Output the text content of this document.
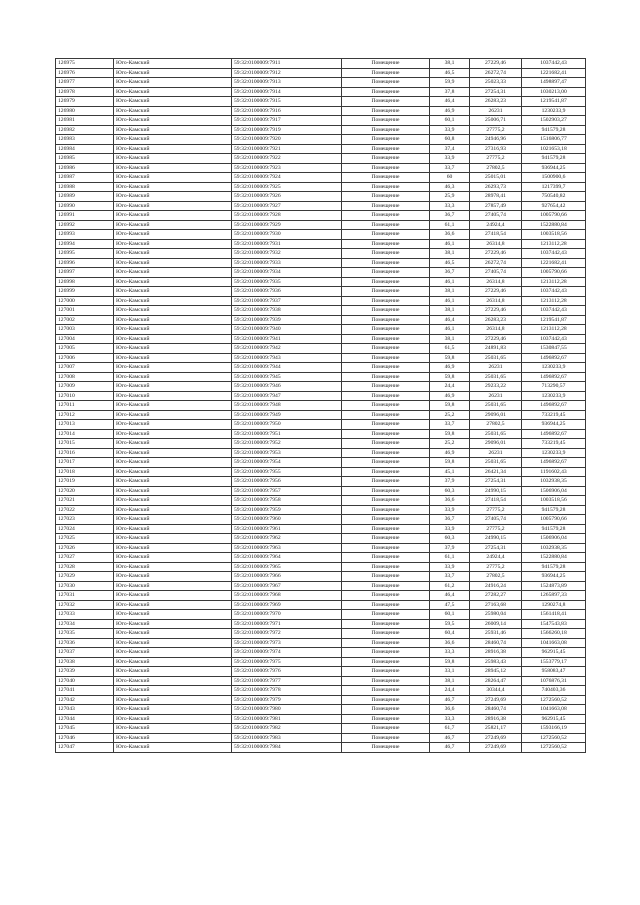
126975	Юго-Камский	59:32:0100009:7911	Помещение	38,1	27229,46	1037442,43
126976	Юго-Камский	59:32:0100009:7912	Помещение	46,5	26272,74	1221682,41
126977	Юго-Камский	59:32:0100009:7913	Помещение	59,9	25023,33	1498897,47
126978	Юго-Камский	59:32:0100009:7914	Помещение	37,8	27254,31	1030213,00
126979	Юго-Камский	59:32:0100009:7915	Помещение	46,4	26283,23	1219541,87
126980	Юго-Камский	59:32:0100009:7916	Помещение	46,9	26231	1230233,9
126981	Юго-Камский	59:32:0100009:7917	Помещение	60,1	25006,71	1502903,27
126982	Юго-Камский	59:32:0100009:7919	Помещение	33,9	27775,2	941579,28
126983	Юго-Камский	59:32:0100009:7920	Помещение	60,8	24946,96	1516806,77
126984	Юго-Камский	59:32:0100009:7921	Помещение	37,4	27316,93	1021653,18
126985	Юго-Камский	59:32:0100009:7922	Помещение	33,9	27775,2	941579,28
126986	Юго-Камский	59:32:0100009:7923	Помещение	33,7	27802,5	936944,25
126987	Юго-Камский	59:32:0100009:7924	Помещение	60	25015,01	1500900,6
126988	Юго-Камский	59:32:0100009:7925	Помещение	46,3	26293,73	1217399,7
126989	Юго-Камский	59:32:0100009:7926	Помещение	25,9	28978,41	750540,82
126990	Юго-Камский	59:32:0100009:7927	Помещение	33,3	27857,49	927654,42
126991	Юго-Камский	59:32:0100009:7928	Помещение	36,7	27405,74	1005790,66
126992	Юго-Камский	59:32:0100009:7929	Помещение	61,1	24924,4	1522880,84
126993	Юго-Камский	59:32:0100009:7930	Помещение	36,6	27418,54	1003518,56
126994	Юго-Камский	59:32:0100009:7931	Помещение	46,1	26314,8	1213112,28
126995	Юго-Камский	59:32:0100009:7932	Помещение	38,1	27229,46	1037442,43
126996	Юго-Камский	59:32:0100009:7933	Помещение	46,5	26272,74	1221682,41
126997	Юго-Камский	59:32:0100009:7934	Помещение	36,7	27405,74	1005790,66
126998	Юго-Камский	59:32:0100009:7935	Помещение	46,1	26314,8	1213112,28
126999	Юго-Камский	59:32:0100009:7936	Помещение	38,1	27229,46	1037442,43
127000	Юго-Камский	59:32:0100009:7937	Помещение	46,1	26314,8	1213112,28
127001	Юго-Камский	59:32:0100009:7938	Помещение	38,1	27229,46	1037442,43
127002	Юго-Камский	59:32:0100009:7939	Помещение	46,4	26283,23	1219541,87
127003	Юго-Камский	59:32:0100009:7940	Помещение	46,1	26314,8	1213112,28
127004	Юго-Камский	59:32:0100009:7941	Помещение	38,1	27229,46	1037442,43
127005	Юго-Камский	59:32:0100009:7942	Помещение	61,5	24891,83	1530847,55
127006	Юго-Камский	59:32:0100009:7943	Помещение	59,8	25031,65	1496892,67
127007	Юго-Камский	59:32:0100009:7944	Помещение	46,9	26231	1230233,9
127008	Юго-Камский	59:32:0100009:7945	Помещение	59,8	25031,65	1496892,67
127009	Юго-Камский	59:32:0100009:7946	Помещение	24,4	29233,22	713290,57
127010	Юго-Камский	59:32:0100009:7947	Помещение	46,9	26231	1230233,9
127011	Юго-Камский	59:32:0100009:7948	Помещение	59,8	25031,65	1496892,67
127012	Юго-Камский	59:32:0100009:7949	Помещение	25,2	29096,01	733219,45
127013	Юго-Камский	59:32:0100009:7950	Помещение	33,7	27802,5	936944,25
127014	Юго-Камский	59:32:0100009:7951	Помещение	59,8	25031,65	1496892,67
127015	Юго-Камский	59:32:0100009:7952	Помещение	25,2	29096,01	733219,45
127016	Юго-Камский	59:32:0100009:7953	Помещение	46,9	26231	1230233,9
127017	Юго-Камский	59:32:0100009:7954	Помещение	59,8	25031,65	1496892,67
127018	Юго-Камский	59:32:0100009:7955	Помещение	45,1	26421,34	1191602,43
127019	Юго-Камский	59:32:0100009:7956	Помещение	37,9	27254,31	1032938,35
127020	Юго-Камский	59:32:0100009:7957	Помещение	60,3	24990,15	1506906,04
127021	Юго-Камский	59:32:0100009:7958	Помещение	36,6	27418,54	1003518,56
127022	Юго-Камский	59:32:0100009:7959	Помещение	33,9	27775,2	941579,28
127023	Юго-Камский	59:32:0100009:7960	Помещение	36,7	27405,74	1005790,66
127024	Юго-Камский	59:32:0100009:7961	Помещение	33,9	27775,2	941579,28
127025	Юго-Камский	59:32:0100009:7962	Помещение	60,3	24990,15	1506906,04
127026	Юго-Камский	59:32:0100009:7963	Помещение	37,9	27254,31	1032938,35
127027	Юго-Камский	59:32:0100009:7964	Помещение	61,1	24924,4	1522880,84
127028	Юго-Камский	59:32:0100009:7965	Помещение	33,9	27775,2	941579,28
127029	Юго-Камский	59:32:0100009:7966	Помещение	33,7	27802,5	936944,25
127030	Юго-Камский	59:32:0100009:7967	Помещение	61,2	24916,24	1524873,89
127031	Юго-Камский	59:32:0100009:7968	Помещение	46,4	27282,27	1265897,33
127032	Юго-Камский	59:32:0100009:7969	Помещение	47,5	27163,68	1290274,8
127033	Юго-Камский	59:32:0100009:7970	Помещение	60,1	25980,04	1561418,41
127034	Юго-Камский	59:32:0100009:7971	Помещение	59,5	26009,14	1547543,83
127035	Юго-Камский	59:32:0100009:7972	Помещение	60,4	25931,46	1566260,18
127036	Юго-Камский	59:32:0100009:7973	Помещение	36,6	28460,74	1041663,08
127037	Юго-Камский	59:32:0100009:7974	Помещение	33,3	28916,38	962915,45
127038	Юго-Камский	59:32:0100009:7975	Помещение	59,8	25983,43	1553779,17
127039	Юго-Камский	59:32:0100009:7976	Помещение	33,1	28945,12	958083,47
127040	Юго-Камский	59:32:0100009:7977	Помещение	38,1	28264,47	1076876,31
127041	Юго-Камский	59:32:0100009:7978	Помещение	24,4	30344,4	740403,36
127042	Юго-Камский	59:32:0100009:7979	Помещение	46,7	27249,69	1272560,52
127043	Юго-Камский	59:32:0100009:7980	Помещение	36,6	28460,74	1041663,08
127044	Юго-Камский	59:32:0100009:7981	Помещение	33,3	28916,38	962915,45
127045	Юго-Камский	59:32:0100009:7982	Помещение	61,7	25821,17	1593166,19
127046	Юго-Камский	59:32:0100009:7983	Помещение	46,7	27249,69	1272560,52
127047	Юго-Камский	59:32:0100009:7984	Помещение	46,7	27249,69	1272560,52
